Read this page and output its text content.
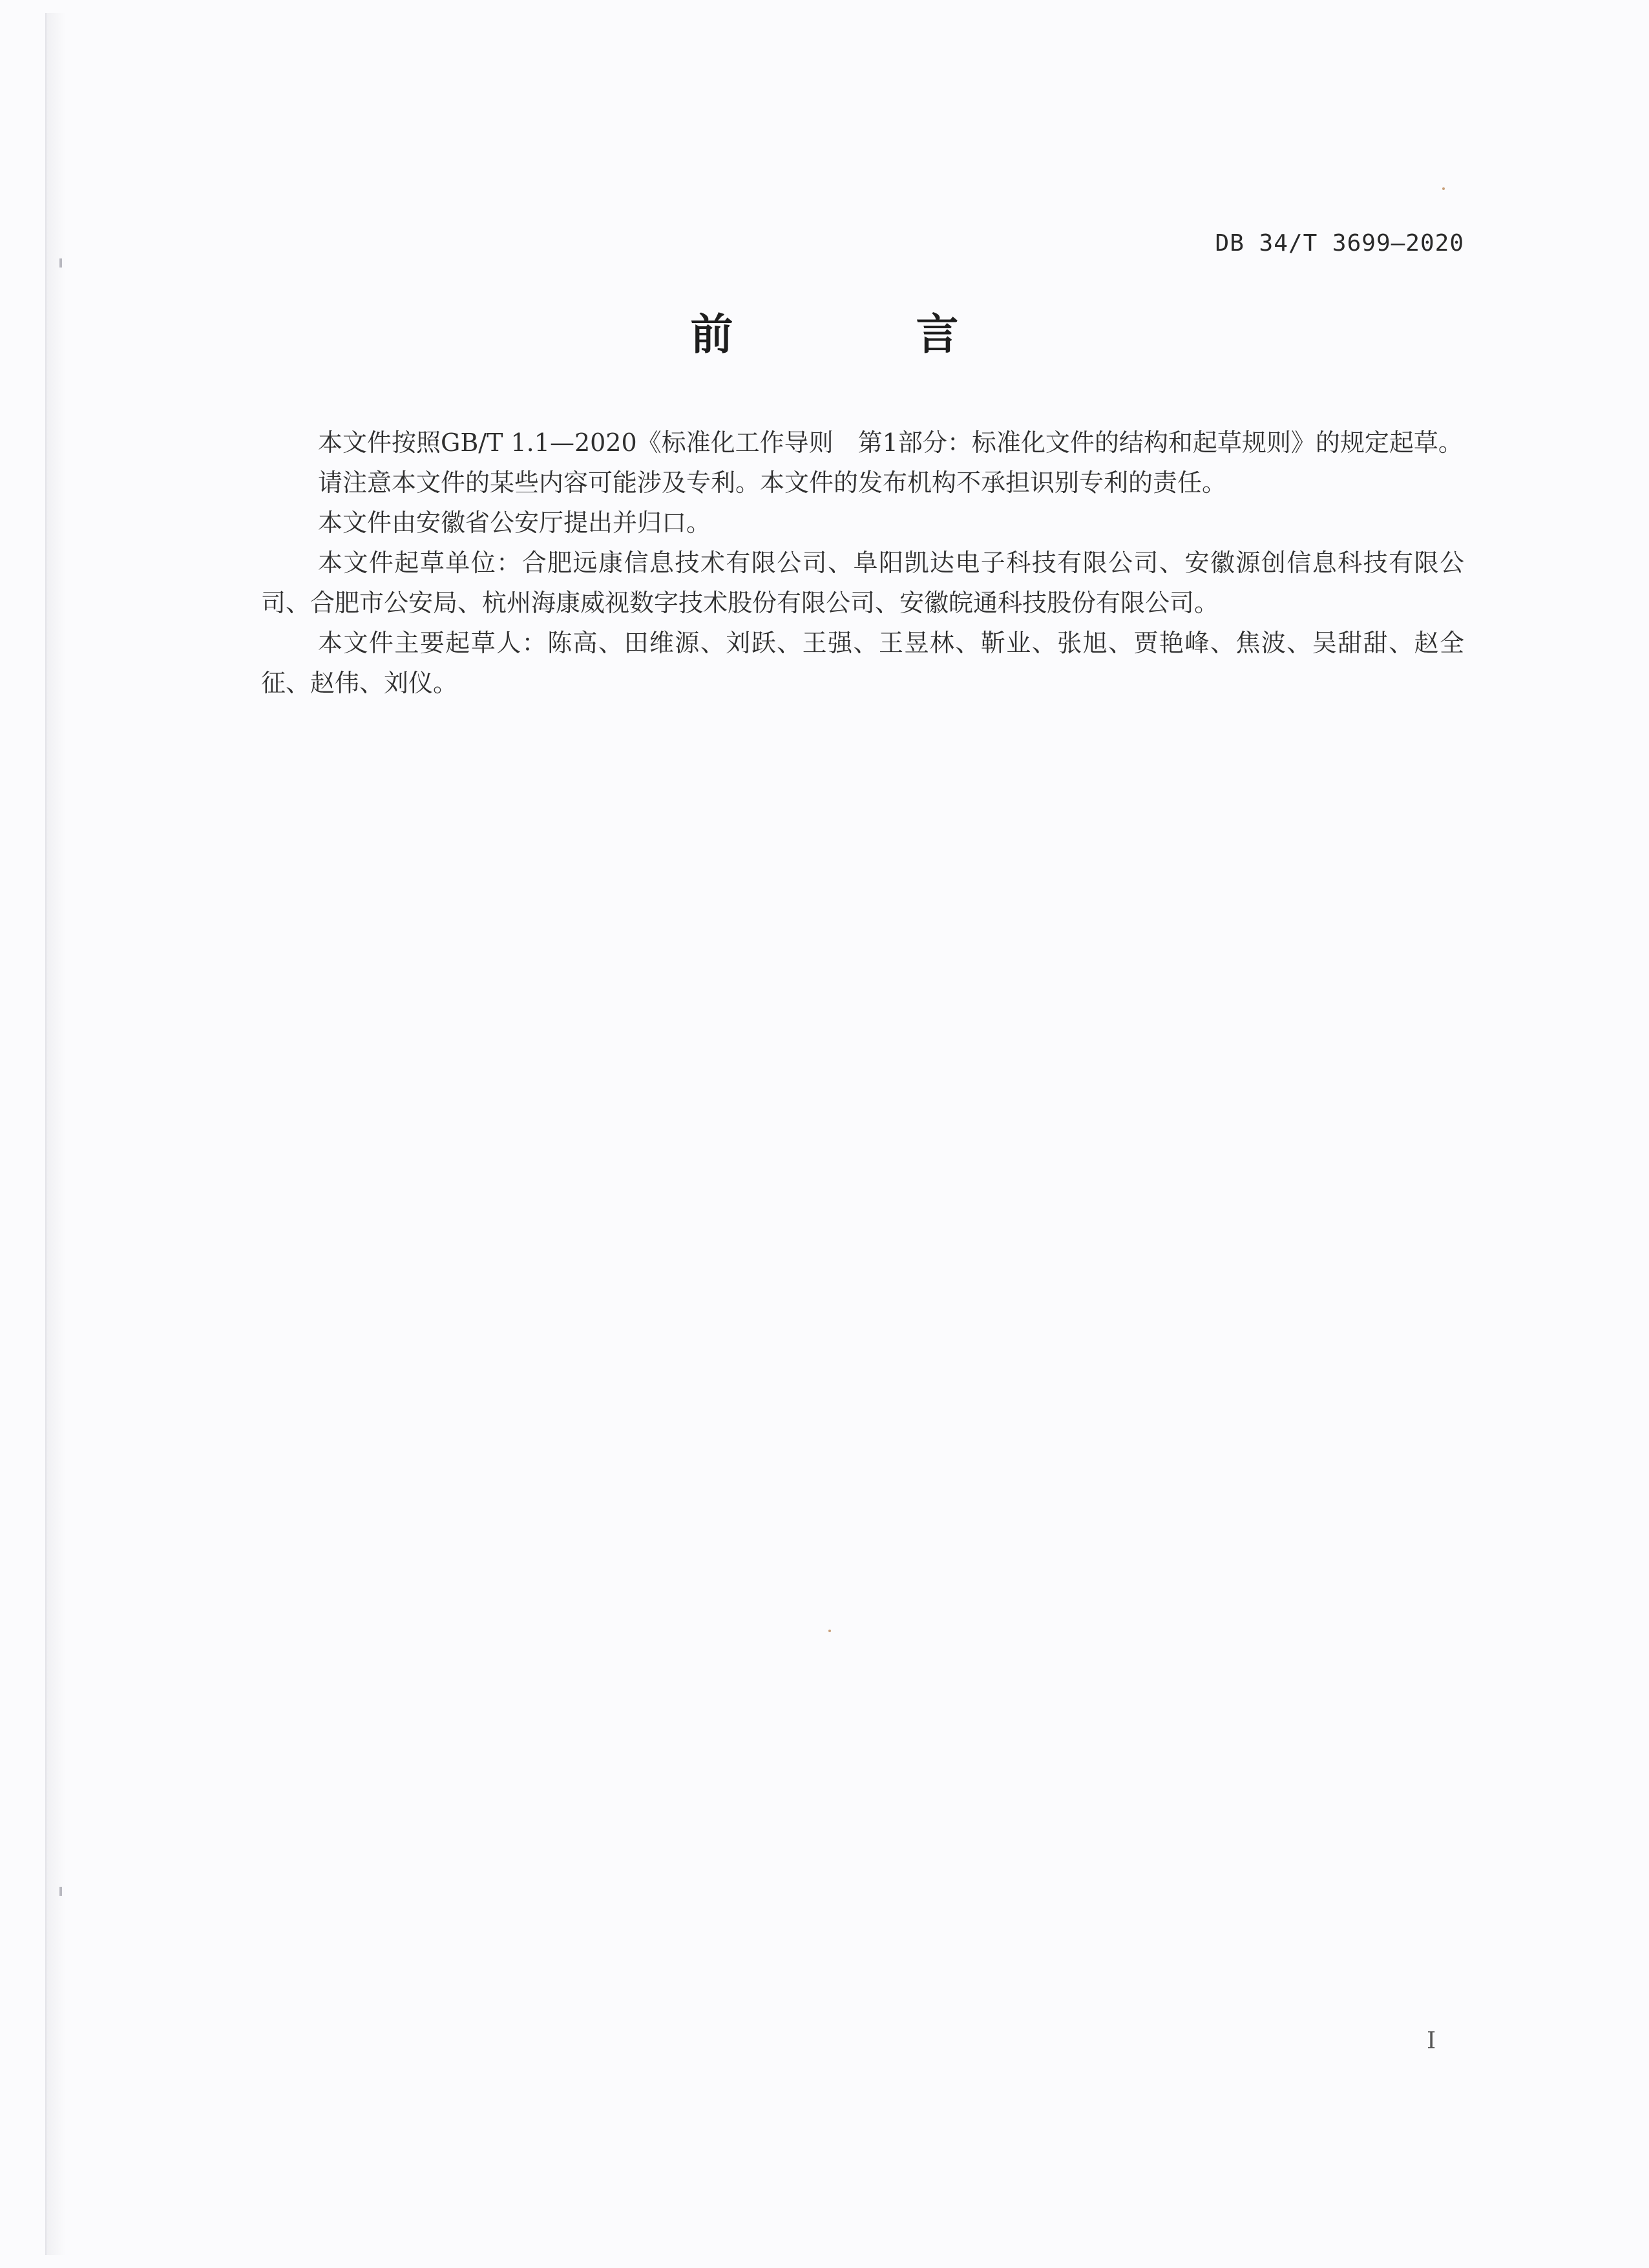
DB 34/T 3699—2020
前 言

本文件按照GB/T 1.1—2020《标准化工作导则　第1部分：标准化文件的结构和起草规则》的规定起草。

请注意本文件的某些内容可能涉及专利。本文件的发布机构不承担识别专利的责任。

本文件由安徽省公安厅提出并归口。

本文件起草单位：合肥远康信息技术有限公司、阜阳凯达电子科技有限公司、安徽源创信息科技有限公司、合肥市公安局、杭州海康威视数字技术股份有限公司、安徽皖通科技股份有限公司。

本文件主要起草人：陈高、田维源、刘跃、王强、王昱林、靳业、张旭、贾艳峰、焦波、吴甜甜、赵全征、赵伟、刘仪。

I
